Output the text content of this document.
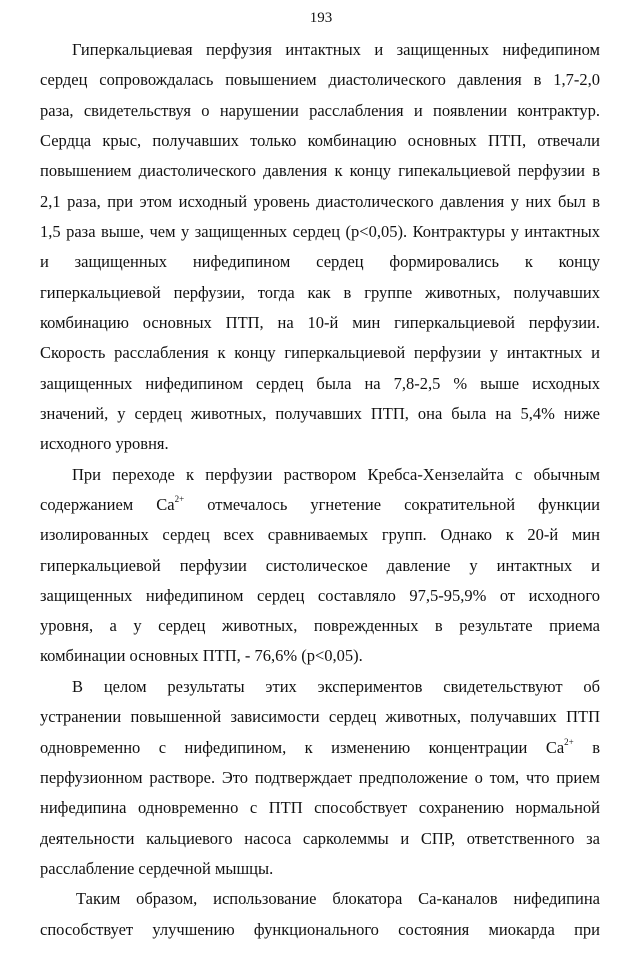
193
Гиперкальциевая перфузия интактных и защищенных нифедипином
сердец сопровождалась повышением диастолического давления в 1,7-2,0
раза, свидетельствуя о нарушении расслабления и появлении контрактур.
Сердца крыс, получавших только комбинацию основных ПТП, отвечали
повышением диастолического давления к концу гипекальциевой перфузии в
2,1 раза, при этом исходный уровень диастолического давления у них был в
1,5 раза выше, чем у защищенных сердец (p<0,05). Контрактуры у интактных
и защищенных нифедипином сердец формировались к концу
гиперкальциевой перфузии, тогда как в группе животных, получавших
комбинацию основных ПТП, на 10-й мин гиперкальциевой перфузии.
Скорость расслабления к концу гиперкальциевой перфузии у интактных и
защищенных нифедипином сердец была на 7,8-2,5 % выше исходных
значений, у сердец животных, получавших ПТП, она была на 5,4% ниже
исходного уровня.
При переходе к перфузии раствором Кребса-Хензелайта с обычным
содержанием $Ca^{2+}$ отмечалось угнетение сократительной функции
изолированных сердец всех сравниваемых групп. Однако к 20-й мин
гиперкальциевой перфузии систолическое давление у интактных и
защищенных нифедипином сердец составляло 97,5-95,9% от исходного
уровня, а у сердец животных, поврежденных в результате приема
комбинации основных ПТП, - 76,6% (p<0,05).
В целом результаты этих экспериментов свидетельствуют об
устранении повышенной зависимости сердец животных, получавших ПТП
одновременно с нифедипином, к изменению концентрации $Ca^{2+}$ в
перфузионном растворе. Это подтверждает предположение о том, что прием
нифедипина одновременно с ПТП способствует сохранению нормальной
деятельности кальциевого насоса сарколеммы и СПР, ответственного за
расслабление сердечной мышцы.
Таким образом, использование блокатора Са-каналов нифедипина
способствует улучшению функционального состояния миокарда при
